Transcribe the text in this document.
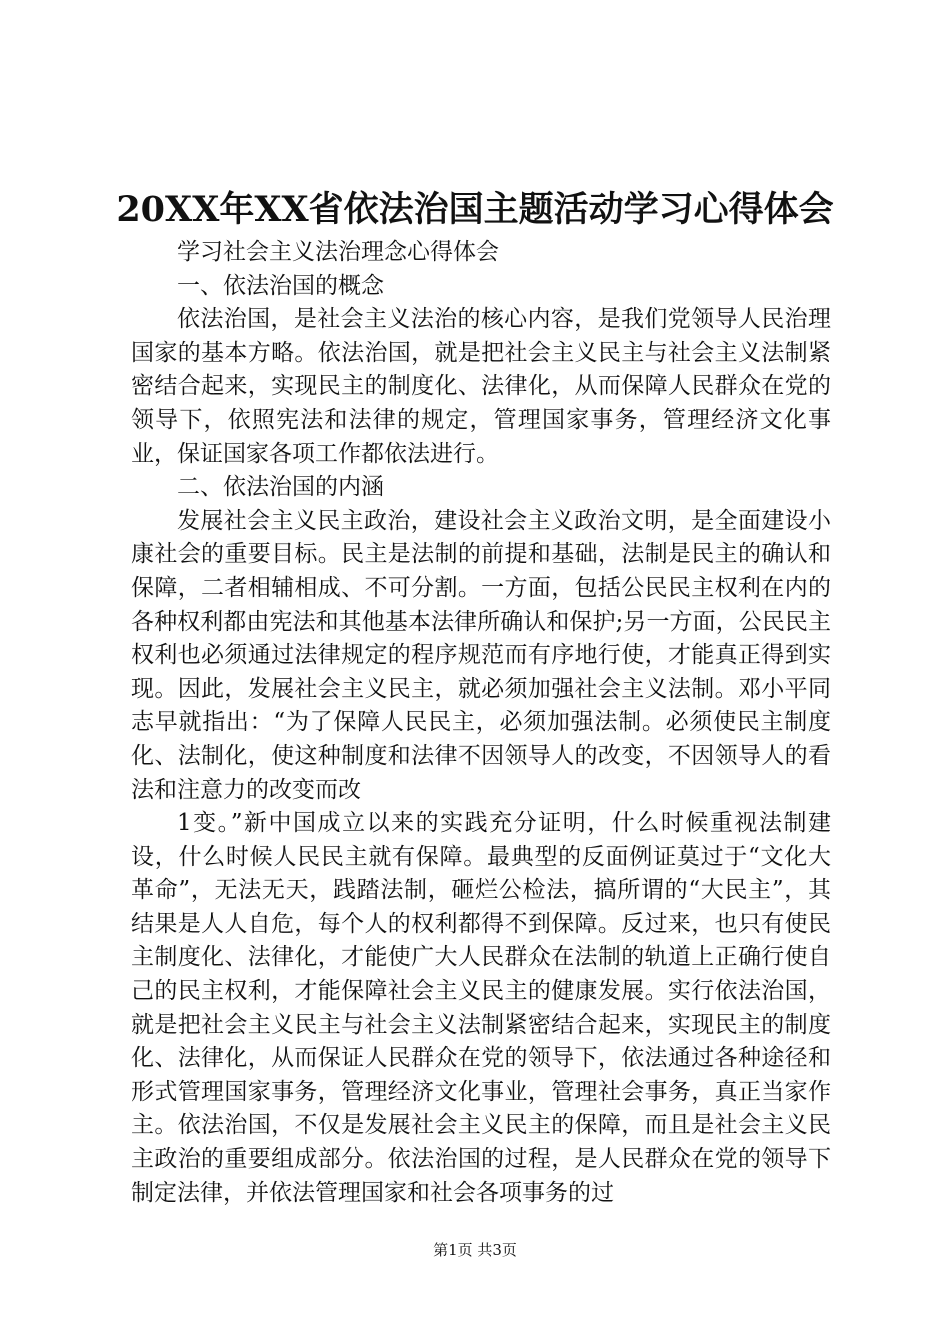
20XX年XX省依法治国主题活动学习心得体会

学习社会主义法治理念心得体会

一、依法治国的概念

依法治国，是社会主义法治的核心内容，是我们党领导人民治理国家的基本方略。依法治国，就是把社会主义民主与社会主义法制紧密结合起来，实现民主的制度化、法律化，从而保障人民群众在党的领导下，依照宪法和法律的规定，管理国家事务，管理经济文化事业，保证国家各项工作都依法进行。

二、依法治国的内涵

发展社会主义民主政治，建设社会主义政治文明，是全面建设小康社会的重要目标。民主是法制的前提和基础，法制是民主的确认和保障，二者相辅相成、不可分割。一方面，包括公民民主权利在内的各种权利都由宪法和其他基本法律所确认和保护;另一方面，公民民主权利也必须通过法律规定的程序规范而有序地行使，才能真正得到实现。因此，发展社会主义民主，就必须加强社会主义法制。邓小平同志早就指出：“为了保障人民民主，必须加强法制。必须使民主制度化、法制化，使这种制度和法律不因领导人的改变，不因领导人的看法和注意力的改变而改

1变。”新中国成立以来的实践充分证明，什么时候重视法制建设，什么时候人民民主就有保障。最典型的反面例证莫过于“文化大革命”，无法无天，践踏法制，砸烂公检法，搞所谓的“大民主”，其结果是人人自危，每个人的权利都得不到保障。反过来，也只有使民主制度化、法律化，才能使广大人民群众在法制的轨道上正确行使自己的民主权利，才能保障社会主义民主的健康发展。实行依法治国，就是把社会主义民主与社会主义法制紧密结合起来，实现民主的制度化、法律化，从而保证人民群众在党的领导下，依法通过各种途径和形式管理国家事务，管理经济文化事业，管理社会事务，真正当家作主。依法治国，不仅是发展社会主义民主的保障，而且是社会主义民主政治的重要组成部分。依法治国的过程，是人民群众在党的领导下制定法律，并依法管理国家和社会各项事务的过

第1页 共3页
